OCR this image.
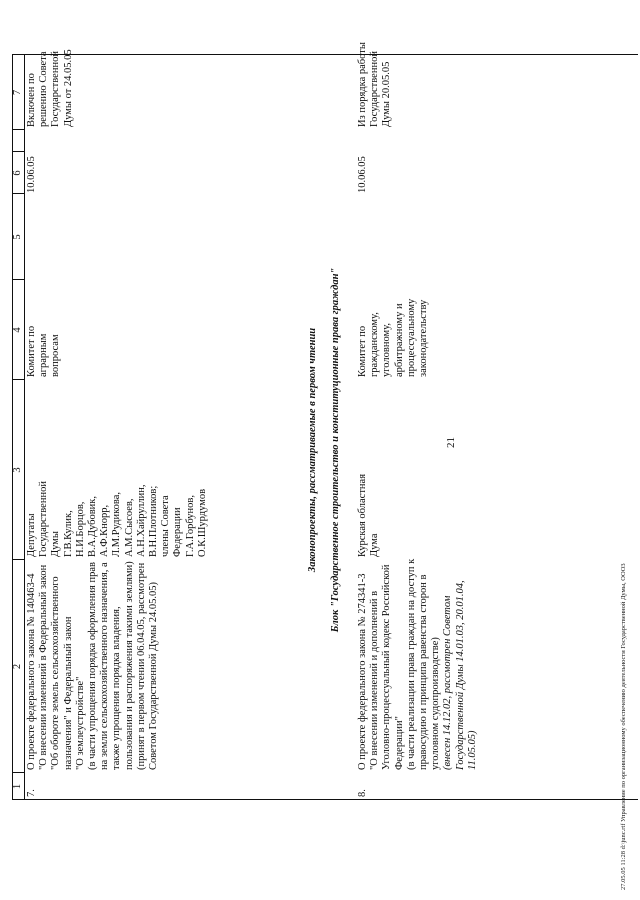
21
1
2
3
4
5
6
7
7.
О проекте федерального закона № 140463-4 "О внесении изменений в Федеральный закон "Об обороте земель сельскохозяйственного назначения" и Федеральный закон "О землеустройстве" (в части упрощения порядка оформления прав на земли сельскохозяйственного назначения, а также упрощения порядка владения, пользования и распоряжения такими землями) (принят в первом чтении 06.04.05, рассмотрен Советом Государственной Думы 24.05.05)
Депутаты Государственной Думы Г.В.Кулик, Н.И.Борцов, В.А.Дубовик, А.Ф.Кнорр, Л.М.Рудикова, А.М.Сысоев, А.Н.Хайруллин, В.Н.Плотников; члены Совета Федерации Г.А.Горбунов, О.К.Шурдумов
Комитет по аграрным вопросам
10.06.05
Включен по решению Совета Государственной Думы от 24.05.05
Законопроекты, рассматриваемые в первом чтении Блок "Государственное строительство и конституционные права граждан"
8.
О проекте федерального закона № 274341-3 "О внесении изменений и дополнений в Уголовно-процессуальный кодекс Российской Федерации" (в части реализации права граждан на доступ к правосудию и принципа равенства сторон в уголовном судопроизводстве) (внесен 14.12.02, рассмотрен Советом Государственной Думы 14.01.03, 20.01.04, 11.05.05)
Курская областная Дума
Комитет по гражданскому, уголовному, арбитражному и процессуальному законодательству
10.06.05
Из порядка работы Государственной Думы 20.05.05
27.05.05 11:28 d:\junc.rtf Управление по организационному обеспечению деятельности Государственной Думы, ООО3
